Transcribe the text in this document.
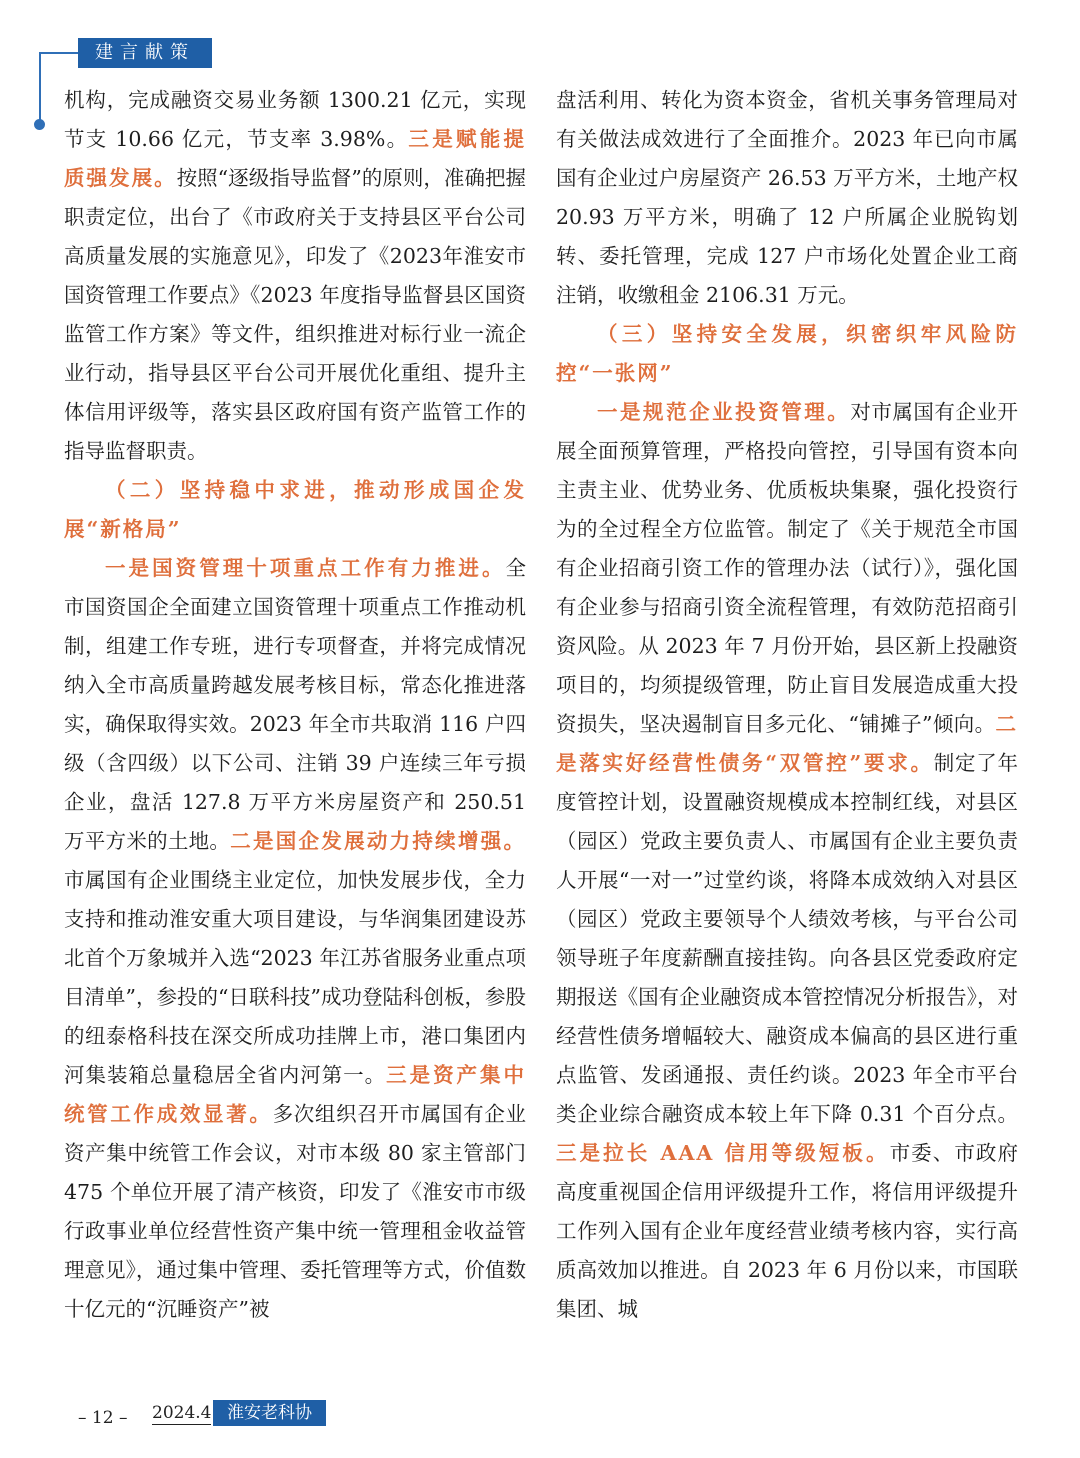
建言献策

机构，完成融资交易业务额 1300.21 亿元，实现节支 10.66 亿元，节支率 3.98%。三是赋能提质强发展。按照“逐级指导监督”的原则，准确把握职责定位，出台了《市政府关于支持县区平台公司高质量发展的实施意见》，印发了《2023年淮安市国资管理工作要点》《2023 年度指导监督县区国资监管工作方案》等文件，组织推进对标行业一流企业行动，指导县区平台公司开展优化重组、提升主体信用评级等，落实县区政府国有资产监管工作的指导监督职责。

（二）坚持稳中求进，推动形成国企发展“新格局”

一是国资管理十项重点工作有力推进。全市国资国企全面建立国资管理十项重点工作推动机制，组建工作专班，进行专项督查，并将完成情况纳入全市高质量跨越发展考核目标，常态化推进落实，确保取得实效。2023 年全市共取消 116 户四级（含四级）以下公司、注销 39 户连续三年亏损企业，盘活 127.8 万平方米房屋资产和 250.51 万平方米的土地。二是国企发展动力持续增强。市属国有企业围绕主业定位，加快发展步伐，全力支持和推动淮安重大项目建设，与华润集团建设苏北首个万象城并入选“2023 年江苏省服务业重点项目清单”，参投的“日联科技”成功登陆科创板，参股的纽泰格科技在深交所成功挂牌上市，港口集团内河集装箱总量稳居全省内河第一。三是资产集中统管工作成效显著。多次组织召开市属国有企业资产集中统管工作会议，对市本级 80 家主管部门 475 个单位开展了清产核资，印发了《淮安市市级行政事业单位经营性资产集中统一管理租金收益管理意见》，通过集中管理、委托管理等方式，价值数十亿元的“沉睡资产”被

盘活利用、转化为资本资金，省机关事务管理局对有关做法成效进行了全面推介。2023 年已向市属国有企业过户房屋资产 26.53 万平方米，土地产权 20.93 万平方米，明确了 12 户所属企业脱钩划转、委托管理，完成 127 户市场化处置企业工商注销，收缴租金 2106.31 万元。

（三）坚持安全发展，织密织牢风险防控“一张网”

一是规范企业投资管理。对市属国有企业开展全面预算管理，严格投向管控，引导国有资本向主责主业、优势业务、优质板块集聚，强化投资行为的全过程全方位监管。制定了《关于规范全市国有企业招商引资工作的管理办法（试行）》，强化国有企业参与招商引资全流程管理，有效防范招商引资风险。从 2023 年 7 月份开始，县区新上投融资项目的，均须提级管理，防止盲目发展造成重大投资损失，坚决遏制盲目多元化、“铺摊子”倾向。二是落实好经营性债务“双管控”要求。制定了年度管控计划，设置融资规模成本控制红线，对县区（园区）党政主要负责人、市属国有企业主要负责人开展“一对一”过堂约谈，将降本成效纳入对县区（园区）党政主要领导个人绩效考核，与平台公司领导班子年度薪酬直接挂钩。向各县区党委政府定期报送《国有企业融资成本管控情况分析报告》，对经营性债务增幅较大、融资成本偏高的县区进行重点监管、发函通报、责任约谈。2023 年全市平台类企业综合融资成本较上年下降 0.31 个百分点。三是拉长 AAA 信用等级短板。市委、市政府高度重视国企信用评级提升工作，将信用评级提升工作列入国有企业年度经营业绩考核内容，实行高质高效加以推进。自 2023 年 6 月份以来，市国联集团、城

– 12 – 2024.4 淮安老科协
